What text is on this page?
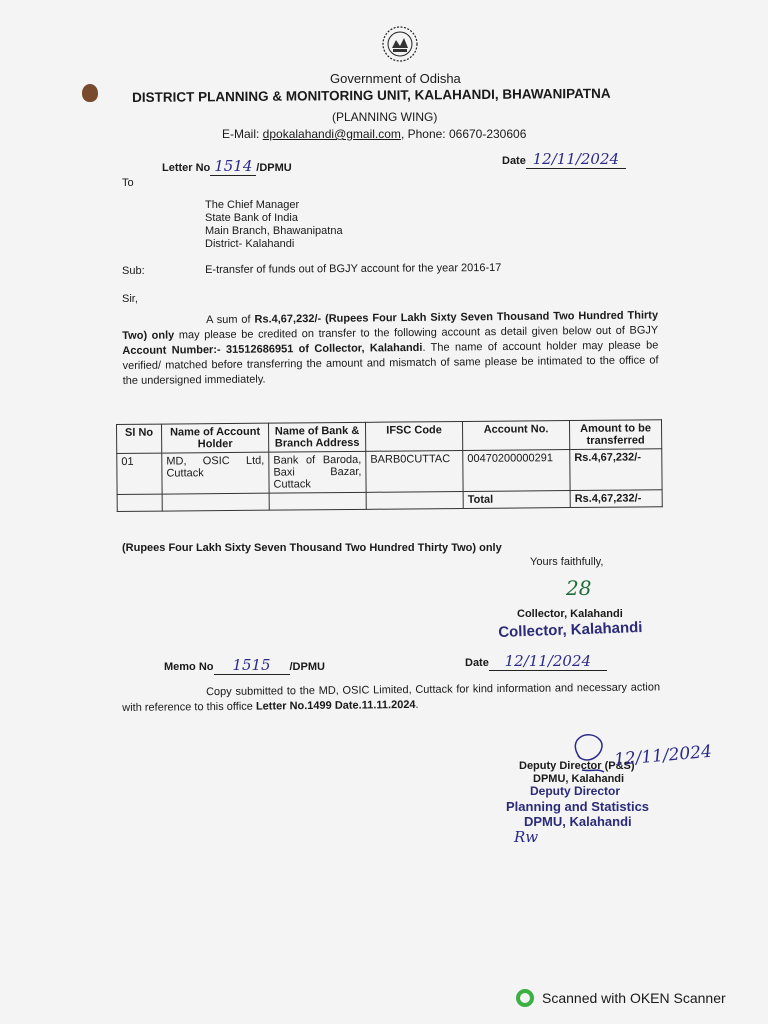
Government of Odisha
DISTRICT PLANNING & MONITORING UNIT, KALAHANDI, BHAWANIPATNA
(PLANNING WING)
E-Mail: dpokalahandi@gmail.com, Phone: 06670-230606
Letter No 1514 /DPMU
Date 12/11/2024
To
The Chief Manager
State Bank of India
Main Branch, Bhawanipatna
District- Kalahandi
Sub:	E-transfer of funds out of BGJY account for the year 2016-17
Sir,
A sum of Rs.4,67,232/- (Rupees Four Lakh Sixty Seven Thousand Two Hundred Thirty Two) only may please be credited on transfer to the following account as detail given below out of BGJY Account Number:- 31512686951 of Collector, Kalahandi. The name of account holder may please be verified/ matched before transferring the amount and mismatch of same please be intimated to the office of the undersigned immediately.
Sl No	Name of Account Holder	Name of Bank & Branch Address	IFSC Code	Account No.	Amount to be transferred
01	MD, OSIC Ltd, Cuttack	Bank of Baroda, Baxi Bazar, Cuttack	BARB0CUTTAC	00470200000291	Rs.4,67,232/-
				Total	Rs.4,67,232/-
(Rupees Four Lakh Sixty Seven Thousand Two Hundred Thirty Two) only
Yours faithfully,
28
Collector, Kalahandi
Collector, Kalahandi
Memo No 1515 /DPMU	Date 12/11/2024
Copy submitted to the MD, OSIC Limited, Cuttack for kind information and necessary action with reference to this office Letter No.1499 Date.11.11.2024.
Deputy Director (P&S)
DPMU, Kalahandi
12/11/2024
Deputy Director
Planning and Statistics
DPMU, Kalahandi
Rw
Scanned with OKEN Scanner
